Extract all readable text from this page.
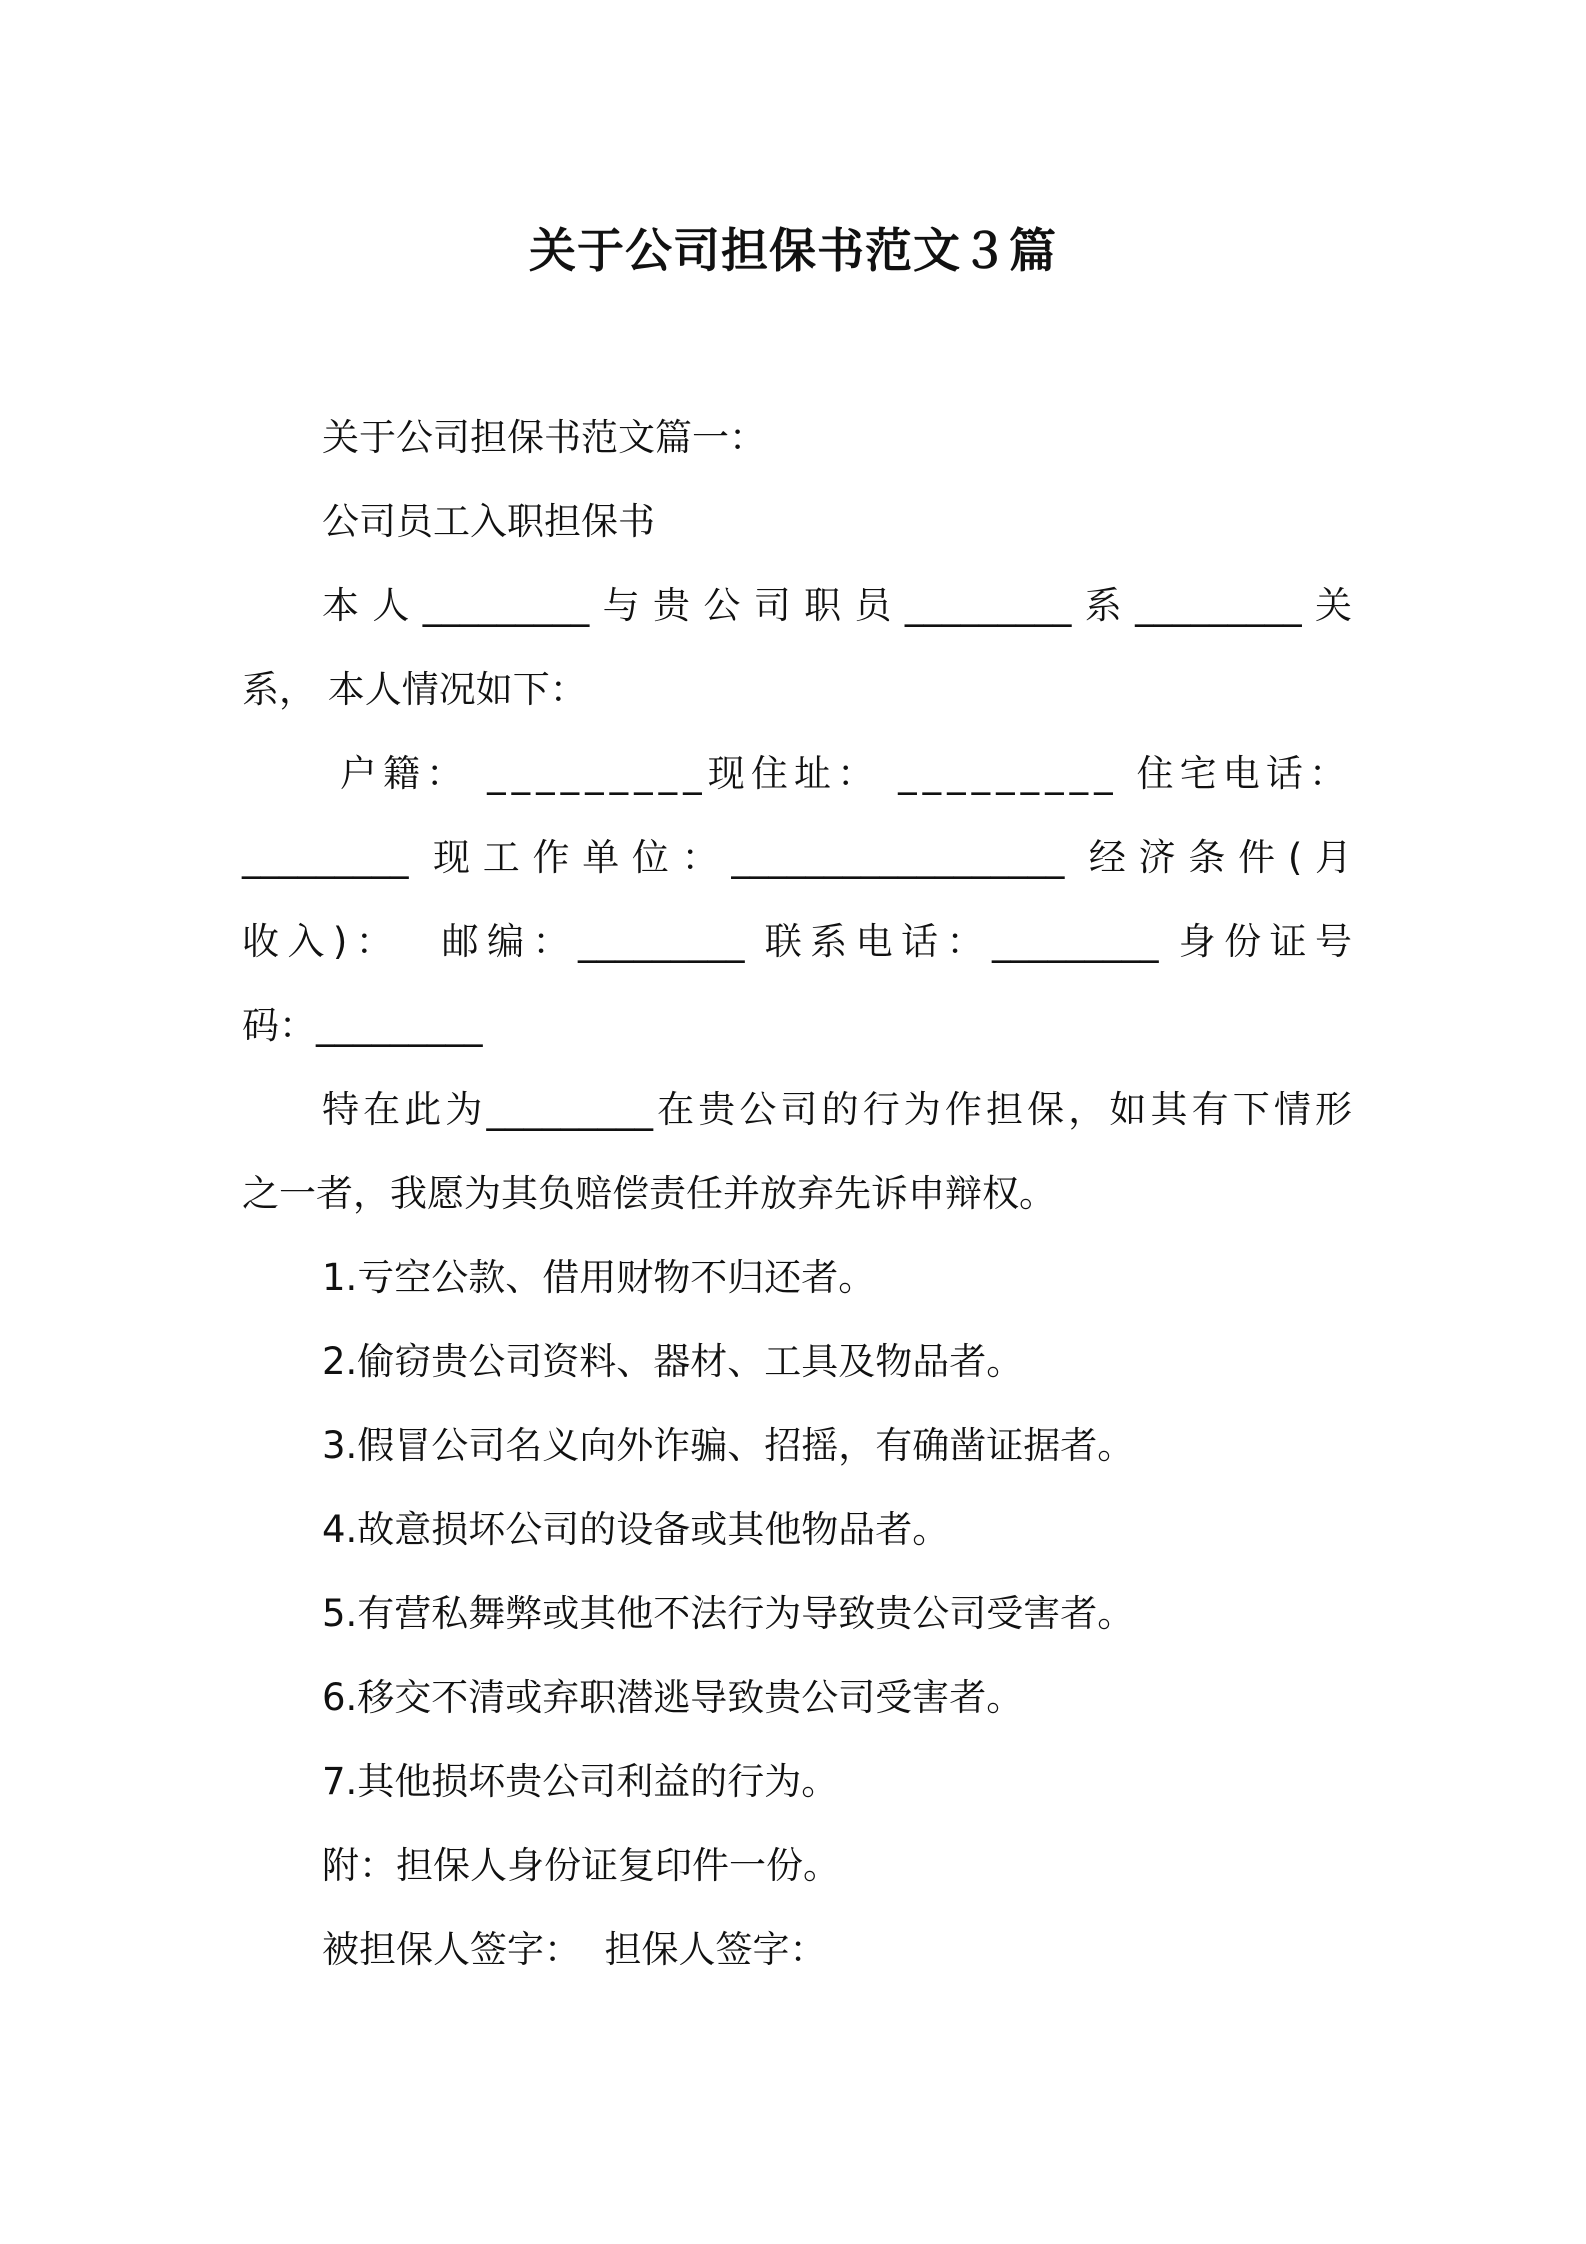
关于公司担保书范文３篇
关于公司担保书范文篇一：
公司员工入职担保书
本人_________与贵公司职员_________系_________关
系， 本人情况如下：
户籍： _________现住址： _________ 住宅电话：
_________ 现工作单位：__________________ 经济条件(月
收入)：  邮编：_________ 联系电话：_________ 身份证号
码：_________
特在此为_________在贵公司的行为作担保，如其有下情形
之一者，我愿为其负赔偿责任并放弃先诉申辩权。
1.亏空公款、借用财物不归还者。
2.偷窃贵公司资料、器材、工具及物品者。
3.假冒公司名义向外诈骗、招摇，有确凿证据者。
4.故意损坏公司的设备或其他物品者。
5.有营私舞弊或其他不法行为导致贵公司受害者。
6.移交不清或弃职潜逃导致贵公司受害者。
7.其他损坏贵公司利益的行为。
附：担保人身份证复印件一份。
被担保人签字：  担保人签字：
